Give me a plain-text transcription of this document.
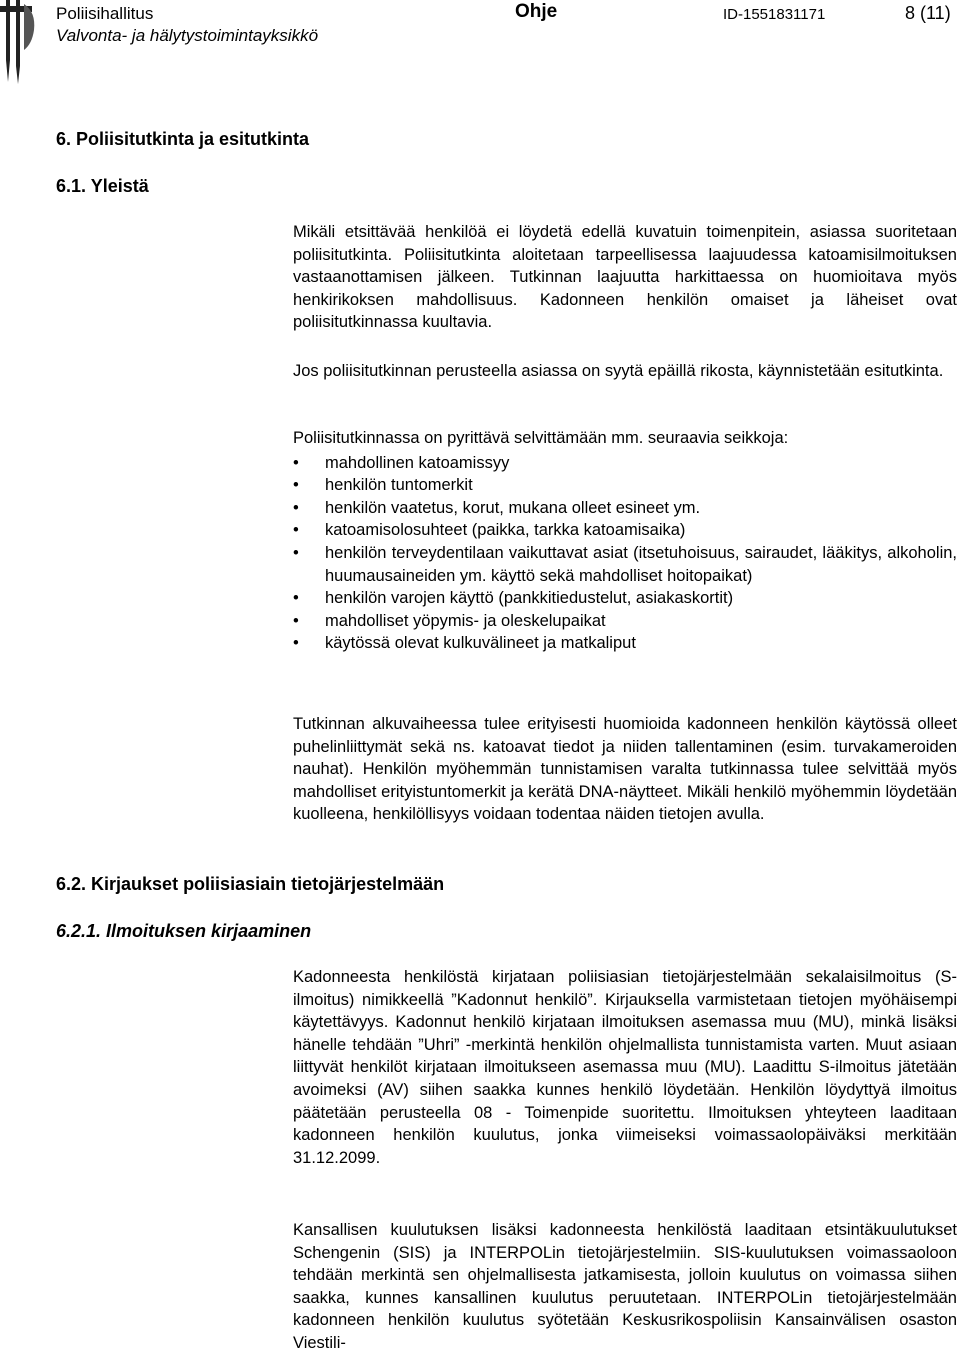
Poliisihallitus
Valvonta- ja hälytystoimintayksikkö
Ohje	ID-1551831171	8 (11)
6. Poliisitutkinta ja esitutkinta
6.1. Yleistä
6.2. Kirjaukset poliisiasiain tietojärjestelmään
6.2.1. Ilmoituksen kirjaaminen

Mikäli etsittävää henkilöä ei löydetä edellä kuvatuin toimenpitein, asiassa suoritetaan poliisitutkinta. Poliisitutkinta aloitetaan tarpeellisessa laajuudessa katoamisilmoituksen vastaanottamisen jälkeen. Tutkinnan laajuutta harkittaessa on huomioitava myös henkirikoksen mahdollisuus. Kadonneen henkilön omaiset ja läheiset ovat poliisitutkinnassa kuultavia.

Jos poliisitutkinnan perusteella asiassa on syytä epäillä rikosta, käynnistetään esitutkinta.

Poliisitutkinnassa on pyrittävä selvittämään mm. seuraavia seikkoja:

• mahdollinen katoamissyy
• henkilön tuntomerkit
• henkilön vaatetus, korut, mukana olleet esineet ym.
• katoamisolosuhteet (paikka, tarkka katoamisaika)
• henkilön terveydentilaan vaikuttavat asiat (itsetuhoisuus, sairaudet, lääkitys, alkoholin, huumausaineiden ym. käyttö sekä mahdolliset hoitopaikat)
• henkilön varojen käyttö (pankkitiedustelut, asiakaskortit)
• mahdolliset yöpymis- ja oleskelupaikat
• käytössä olevat kulkuvälineet ja matkaliput

Tutkinnan alkuvaiheessa tulee erityisesti huomioida kadonneen henkilön käytössä olleet puhelinliittymät sekä ns. katoavat tiedot ja niiden tallentaminen (esim. turvakameroiden nauhat). Henkilön myöhemmän tunnistamisen varalta tutkinnassa tulee selvittää myös mahdolliset erityistuntomerkit ja kerätä DNA-näytteet. Mikäli henkilö myöhemmin löydetään kuolleena, henkilöllisyys voidaan todentaa näiden tietojen avulla.

Kadonneesta henkilöstä kirjataan poliisiasian tietojärjestelmään sekalaisilmoitus (S-ilmoitus) nimikkeellä ”Kadonnut henkilö”. Kirjauksella varmistetaan tietojen myöhäisempi käytettävyys. Kadonnut henkilö kirjataan ilmoituksen asemassa muu (MU), minkä lisäksi hänelle tehdään ”Uhri” -merkintä henkilön ohjelmallista tunnistamista varten. Muut asiaan liittyvät henkilöt kirjataan ilmoitukseen asemassa muu (MU). Laadittu S-ilmoitus jätetään avoimeksi (AV) siihen saakka kunnes henkilö löydetään. Henkilön löydyttyä ilmoitus päätetään perusteella 08 - Toimenpide suoritettu. Ilmoituksen yhteyteen laaditaan kadonneen henkilön kuulutus, jonka viimeiseksi voimassaolopäiväksi merkitään 31.12.2099.

Kansallisen kuulutuksen lisäksi kadonneesta henkilöstä laaditaan etsintäkuulutukset Schengenin (SIS) ja INTERPOLin tietojärjestelmiin. SIS-kuulutuksen voimassaoloon tehdään merkintä sen ohjelmallisesta jatkamisesta, jolloin kuulutus on voimassa siihen saakka, kunnes kansallinen kuulutus peruutetaan. INTERPOLin tietojärjestelmään kadonneen henkilön kuulutus syötetään Keskusrikospoliisin Kansainvälisen osaston Viestili-
